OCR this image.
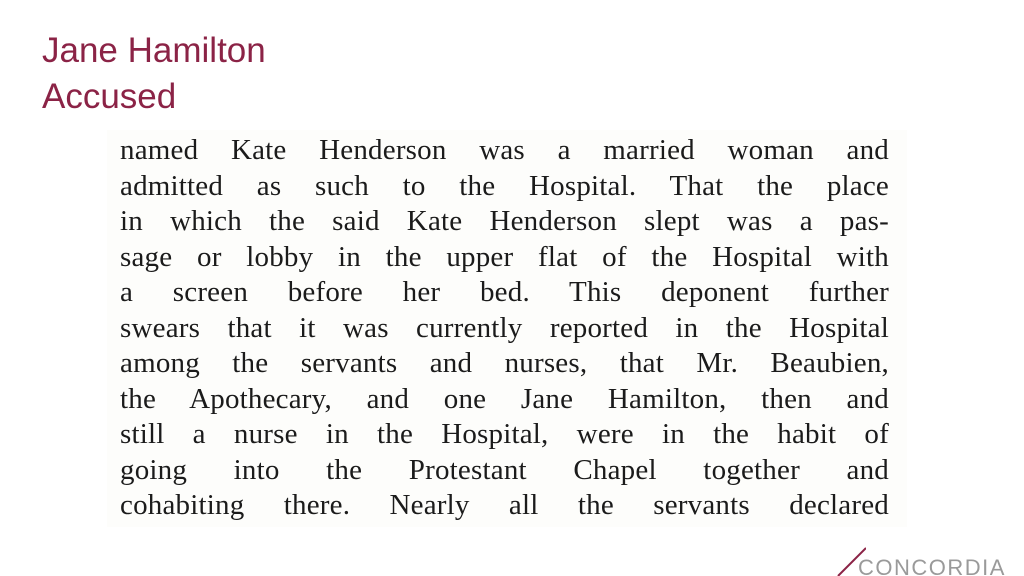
Jane Hamilton
Accused
named Kate Henderson was a married woman and
admitted as such to the Hospital. That the place
in which the said Kate Henderson slept was a pas-
sage or lobby in the upper flat of the Hospital with
a screen before her bed. This deponent further
swears that it was currently reported in the Hospital
among the servants and nurses, that Mr. Beaubien,
the Apothecary, and one Jane Hamilton, then and
still a nurse in the Hospital, were in the habit of
going into the Protestant Chapel together and
cohabiting there. Nearly all the servants declared
CONCORDIA
